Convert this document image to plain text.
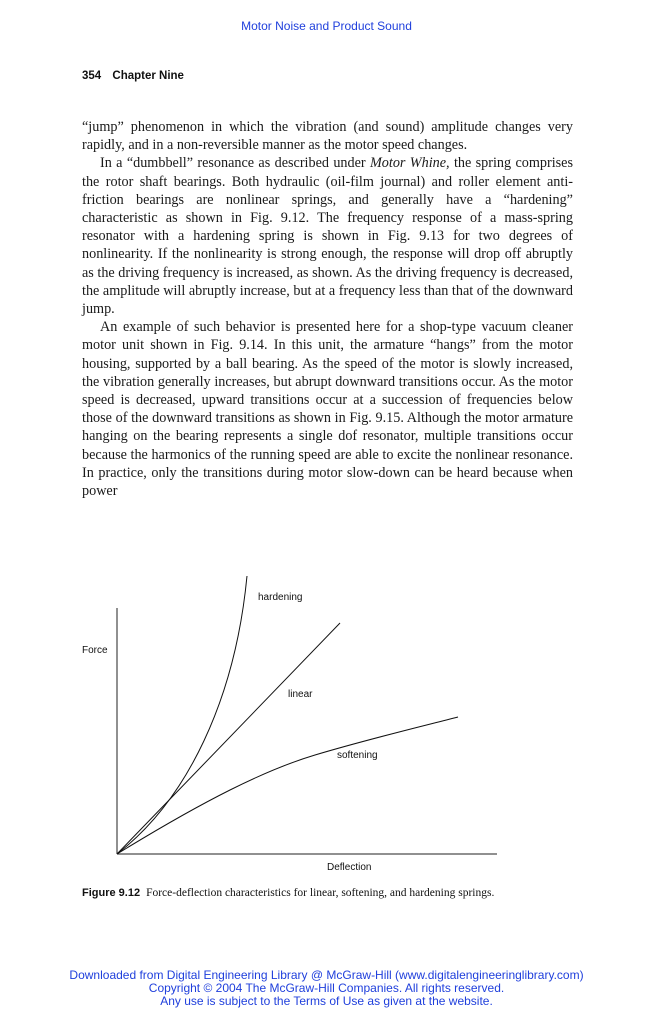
Motor Noise and Product Sound
354 Chapter Nine

“jump” phenomenon in which the vibration (and sound) amplitude changes very rapidly, and in a non-reversible manner as the motor speed changes.

In a “dumbbell” resonance as described under Motor Whine, the spring comprises the rotor shaft bearings. Both hydraulic (oil-film journal) and roller element anti-friction bearings are nonlinear springs, and generally have a “hardening” characteristic as shown in Fig. 9.12. The frequency response of a mass-spring resonator with a hardening spring is shown in Fig. 9.13 for two degrees of nonlinearity. If the nonlinearity is strong enough, the response will drop off abruptly as the driving frequency is increased, as shown. As the driving frequency is decreased, the amplitude will abruptly increase, but at a frequency less than that of the downward jump.

An example of such behavior is presented here for a shop-type vacuum cleaner motor unit shown in Fig. 9.14. In this unit, the armature “hangs” from the motor housing, supported by a ball bearing. As the speed of the motor is slowly increased, the vibration generally increases, but abrupt downward transitions occur. As the motor speed is decreased, upward transitions occur at a succession of frequencies below those of the downward transitions as shown in Fig. 9.15. Although the motor armature hanging on the bearing represents a single dof resonator, multiple transitions occur because the harmonics of the running speed are able to excite the nonlinear resonance. In practice, only the transitions during motor slow-down can be heard because when power

Force
Deflection
hardening
linear
softening
Figure 9.12 Force-deflection characteristics for linear, softening, and hardening springs.
Downloaded from Digital Engineering Library @ McGraw-Hill (www.digitalengineeringlibrary.com)
Copyright © 2004 The McGraw-Hill Companies. All rights reserved.
Any use is subject to the Terms of Use as given at the website.
